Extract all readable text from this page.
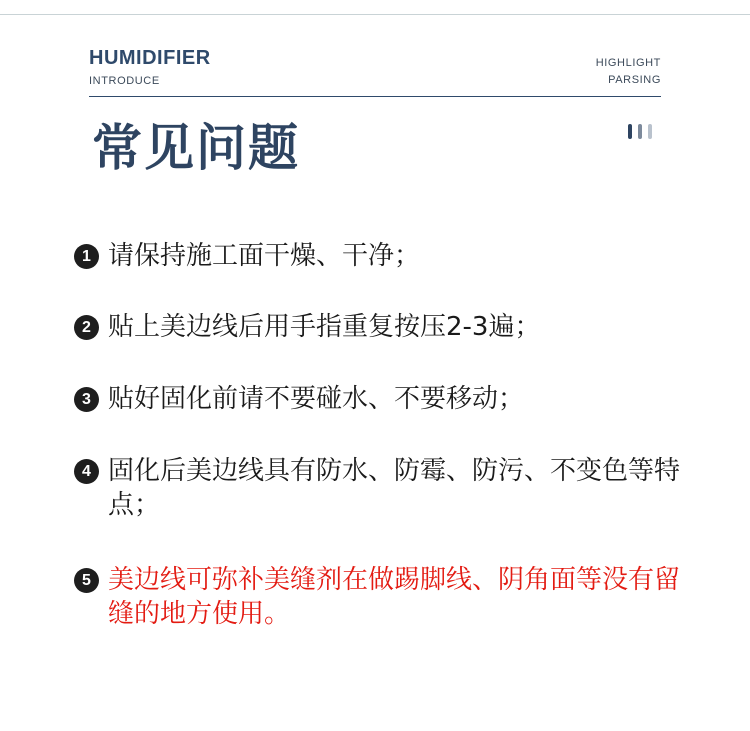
HUMIDIFIER
INTRODUCE
HIGHLIGHT
PARSING
常见问题
1 请保持施工面干燥、干净；
2 贴上美边线后用手指重复按压2-3遍；
3 贴好固化前请不要碰水、不要移动；
4 固化后美边线具有防水、防霉、防污、不变色等特点；
5 美边线可弥补美缝剂在做踢脚线、阴角面等没有留缝的地方使用。
